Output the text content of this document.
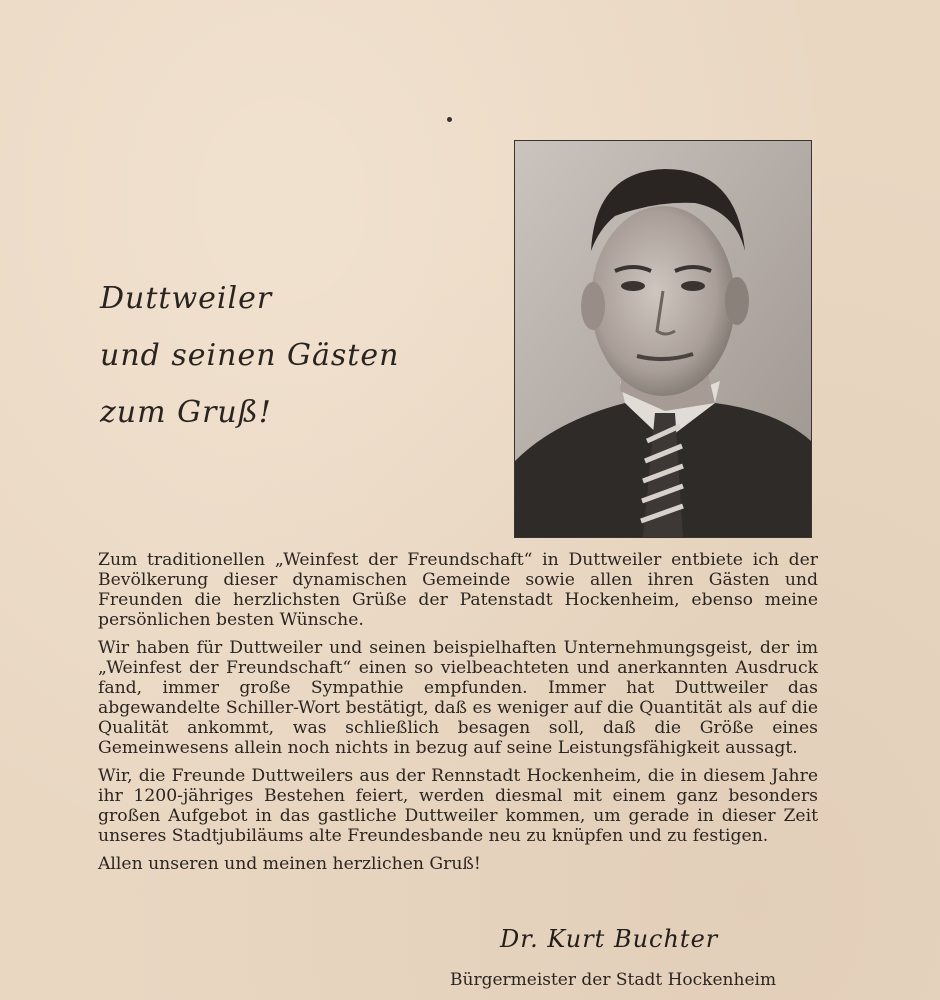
Duttweiler
und seinen Gästen
zum Gruß!

Zum traditionellen „Weinfest der Freundschaft“ in Duttweiler entbiete ich der Bevölkerung dieser dynamischen Gemeinde sowie allen ihren Gästen und Freunden die herzlichsten Grüße der Patenstadt Hockenheim, ebenso meine persönlichen besten Wünsche.

Wir haben für Duttweiler und seinen beispielhaften Unternehmungsgeist, der im „Weinfest der Freundschaft“ einen so vielbeachteten und anerkannten Ausdruck fand, immer große Sympathie empfunden. Immer hat Duttweiler das abgewandelte Schiller-Wort bestätigt, daß es weniger auf die Quantität als auf die Qualität ankommt, was schließlich besagen soll, daß die Größe eines Gemeinwesens allein noch nichts in bezug auf seine Leistungsfähigkeit aussagt.

Wir, die Freunde Duttweilers aus der Rennstadt Hockenheim, die in diesem Jahre ihr 1200-jähriges Bestehen feiert, werden diesmal mit einem ganz besonders großen Aufgebot in das gastliche Duttweiler kommen, um gerade in dieser Zeit unseres Stadtjubiläums alte Freundesbande neu zu knüpfen und zu festigen.

Allen unseren und meinen herzlichen Gruß!

Dr. Kurt Buchter
Bürgermeister der Stadt Hockenheim
